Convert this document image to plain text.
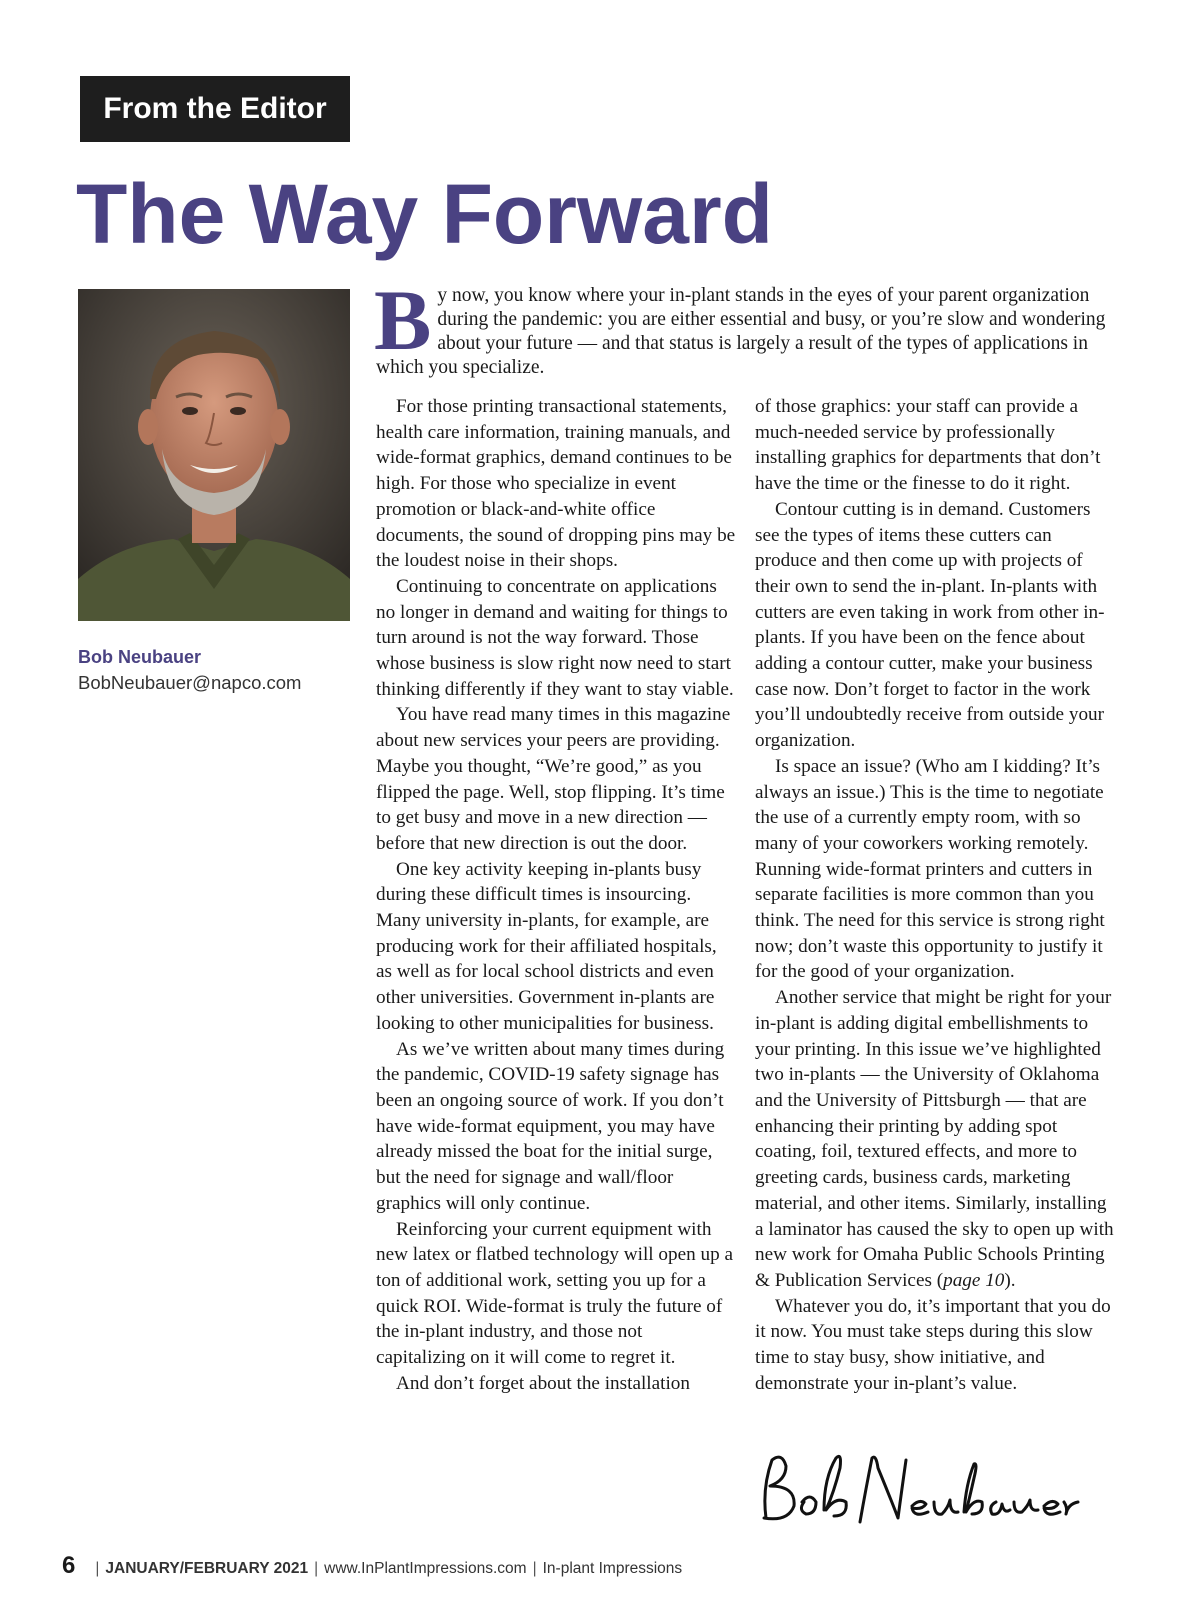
From the Editor
The Way Forward
Bob Neubauer
BobNeubauer@napco.com

By now, you know where your in-plant stands in the eyes of your parent organization during the pandemic: you are either essential and busy, or you’re slow and wondering about your future — and that status is largely a result of the types of applications in which you specialize.

For those printing transactional statements, health care information, training manuals, and wide-format graphics, demand continues to be high. For those who specialize in event promotion or black-and-white office documents, the sound of dropping pins may be the loudest noise in their shops.

Continuing to concentrate on applications no longer in demand and waiting for things to turn around is not the way forward. Those whose business is slow right now need to start thinking differently if they want to stay viable.

You have read many times in this magazine about new services your peers are providing. Maybe you thought, “We’re good,” as you flipped the page. Well, stop flipping. It’s time to get busy and move in a new direction — before that new direction is out the door.

One key activity keeping in-plants busy during these difficult times is insourcing. Many university in-plants, for example, are producing work for their affiliated hospitals, as well as for local school districts and even other universities. Government in-plants are looking to other municipalities for business.

As we’ve written about many times during the pandemic, COVID-19 safety signage has been an ongoing source of work. If you don’t have wide-format equipment, you may have already missed the boat for the initial surge, but the need for signage and wall/floor graphics will only continue.

Reinforcing your current equipment with new latex or flatbed technology will open up a ton of additional work, setting you up for a quick ROI. Wide-format is truly the future of the in-plant industry, and those not capitalizing on it will come to regret it.

And don’t forget about the installation

of those graphics: your staff can provide a much-needed service by professionally installing graphics for departments that don’t have the time or the finesse to do it right.

Contour cutting is in demand. Customers see the types of items these cutters can produce and then come up with projects of their own to send the in-plant. In-plants with cutters are even taking in work from other in-plants. If you have been on the fence about adding a contour cutter, make your business case now. Don’t forget to factor in the work you’ll undoubtedly receive from outside your organization.

Is space an issue? (Who am I kidding? It’s always an issue.) This is the time to negotiate the use of a currently empty room, with so many of your coworkers working remotely. Running wide-format printers and cutters in separate facilities is more common than you think. The need for this service is strong right now; don’t waste this opportunity to justify it for the good of your organization.

Another service that might be right for your in-plant is adding digital embellishments to your printing. In this issue we’ve highlighted two in-plants — the University of Oklahoma and the University of Pittsburgh — that are enhancing their printing by adding spot coating, foil, textured effects, and more to greeting cards, business cards, marketing material, and other items. Similarly, installing a laminator has caused the sky to open up with new work for Omaha Public Schools Printing & Publication Services (page 10).

Whatever you do, it’s important that you do it now. You must take steps during this slow time to stay busy, show initiative, and demonstrate your in-plant’s value.

6 | JANUARY/FEBRUARY 2021 | www.InPlantImpressions.com | In-plant Impressions
